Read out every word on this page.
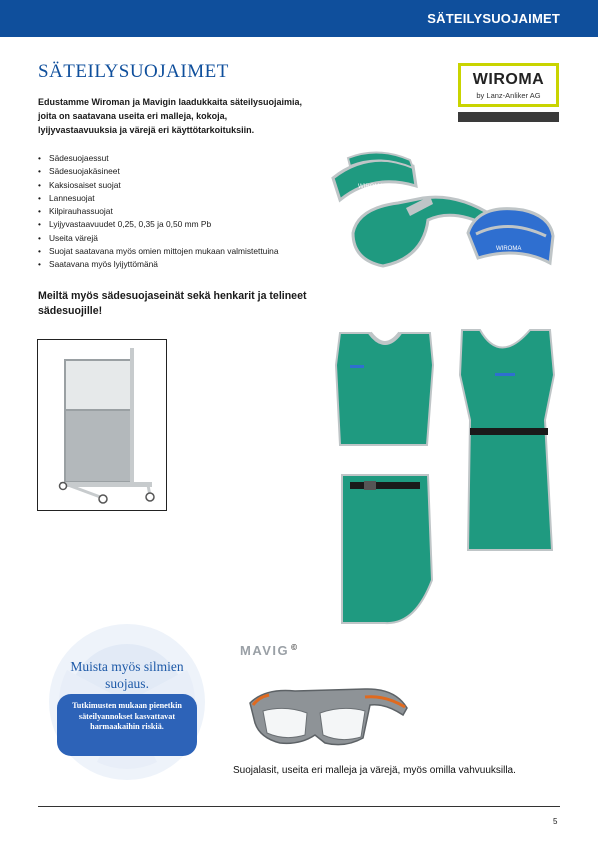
SÄTEILYSUOJAIMET
SÄTEILYSUOJAIMET
Edustamme Wiroman ja Mavigin laadukkaita säteilysuojaimia, joita on saatavana useita eri malleja, kokoja, lyijyvastaavuuksia ja värejä eri käyttötarkoituksiin.
• Sädesuojaessut
• Sädesuojakäsineet
• Kaksiosaiset suojat
• Lannesuojat
• Kilpirauhassuojat
• Lyijyvastaavuudet 0,25, 0,35 ja 0,50 mm Pb
• Useita värejä
• Suojat saatavana myös omien mittojen mukaan valmistettuina
• Saatavana myös lyijyttömänä
Meiltä myös sädesuojaseinät sekä henkarit ja telineet sädesuojille!
WIROMA
by Lanz-Anliker AG
WIROMA
WIROMA
Muista myös silmien suojaus.
Tutkimusten mukaan pienetkin säteilyannokset kasvattavat harmaakaihin riskiä.
MAVIG ©
Suojalasit, useita eri malleja ja värejä, myös omilla vahvuuksilla.
5
